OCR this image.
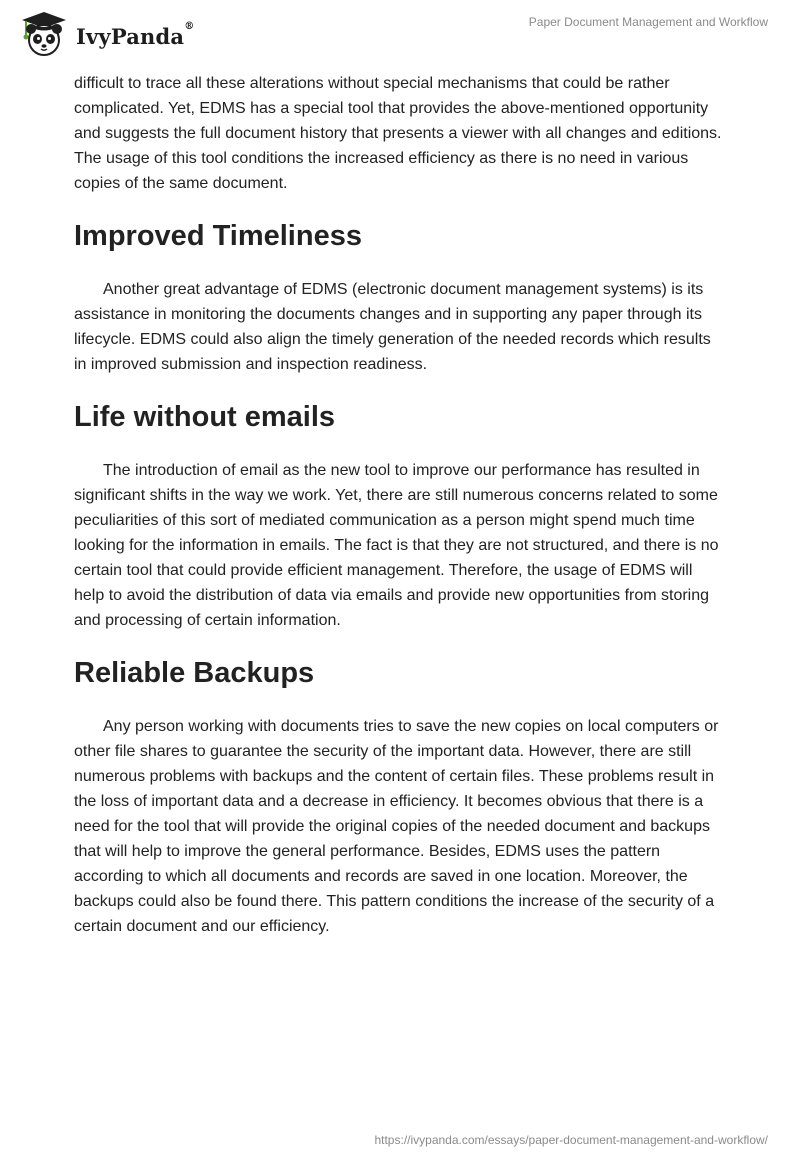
IvyPanda®	Paper Document Management and Workflow

difficult to trace all these alterations without special mechanisms that could be rather complicated. Yet, EDMS has a special tool that provides the above-mentioned opportunity and suggests the full document history that presents a viewer with all changes and editions. The usage of this tool conditions the increased efficiency as there is no need in various copies of the same document.

Improved Timeliness

Another great advantage of EDMS (electronic document management systems) is its assistance in monitoring the documents changes and in supporting any paper through its lifecycle. EDMS could also align the timely generation of the needed records which results in improved submission and inspection readiness.

Life without emails

The introduction of email as the new tool to improve our performance has resulted in significant shifts in the way we work. Yet, there are still numerous concerns related to some peculiarities of this sort of mediated communication as a person might spend much time looking for the information in emails. The fact is that they are not structured, and there is no certain tool that could provide efficient management. Therefore, the usage of EDMS will help to avoid the distribution of data via emails and provide new opportunities from storing and processing of certain information.

Reliable Backups

Any person working with documents tries to save the new copies on local computers or other file shares to guarantee the security of the important data. However, there are still numerous problems with backups and the content of certain files. These problems result in the loss of important data and a decrease in efficiency. It becomes obvious that there is a need for the tool that will provide the original copies of the needed document and backups that will help to improve the general performance. Besides, EDMS uses the pattern according to which all documents and records are saved in one location. Moreover, the backups could also be found there. This pattern conditions the increase of the security of a certain document and our efficiency.

https://ivypanda.com/essays/paper-document-management-and-workflow/
